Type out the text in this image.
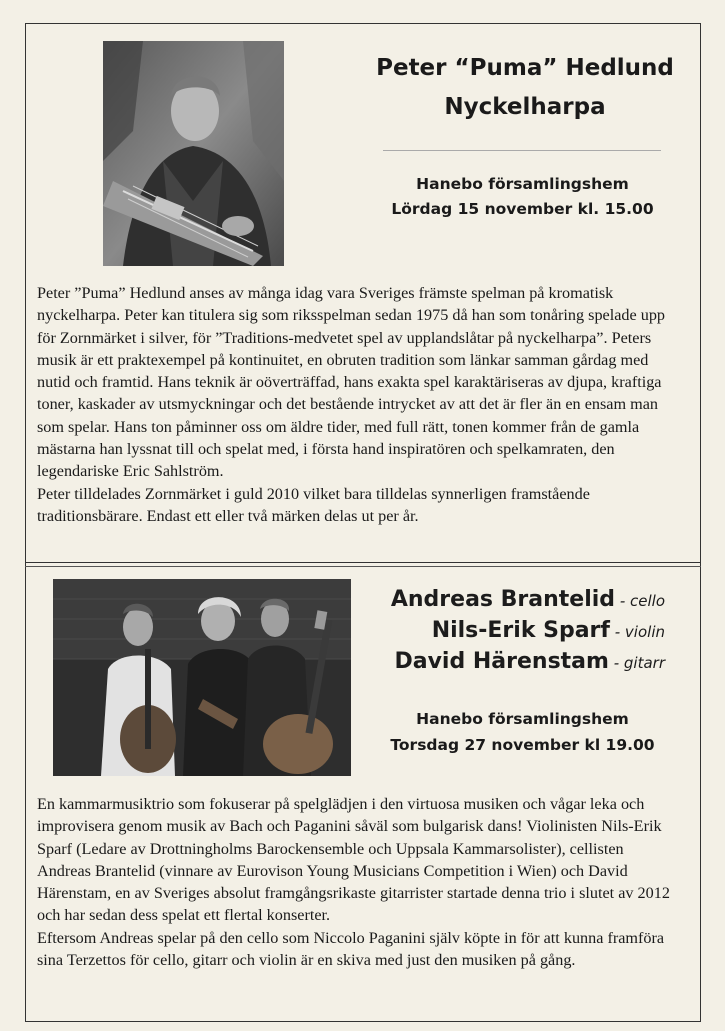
Peter “Puma” Hedlund
Nyckelharpa
Hanebo församlingshem
Lördag 15 november kl. 15.00

Peter ”Puma” Hedlund anses av många idag vara Sveriges främste spelman på kromatisk nyckelharpa. Peter kan titulera sig som riksspelman sedan 1975 då han som tonåring spelade upp för Zornmärket i silver, för ”Traditions-medvetet spel av upplandslåtar på nyckelharpa”. Peters musik är ett praktexempel på kontinuitet, en obruten tradition som länkar samman gårdag med nutid och framtid. Hans teknik är oöverträffad, hans exakta spel karaktäriseras av djupa, kraftiga toner, kaskader av utsmyckningar och det bestående intrycket av att det är fler än en ensam man som spelar. Hans ton påminner oss om äldre tider, med full rätt, tonen kommer från de gamla mästarna han lyssnat till och spelat med, i första hand inspiratören och spelkamraten, den legendariske Eric Sahlström.

Peter tilldelades Zornmärket i guld 2010 vilket bara tilldelas synnerligen framstående traditionsbärare. Endast ett eller två märken delas ut per år.

Andreas Brantelid - cello
Nils-Erik Sparf - violin
David Härenstam - gitarr
Hanebo församlingshem
Torsdag 27 november kl 19.00

En kammarmusiktrio som fokuserar på spelglädjen i den virtuosa musiken och vågar leka och improvisera genom musik av Bach och Paganini såväl som bulgarisk dans! Violinisten Nils-Erik Sparf (Ledare av Drottningholms Barockensemble och Uppsala Kammarsolister), cellisten Andreas Brantelid (vinnare av Eurovison Young Musicians Competition i Wien) och David Härenstam, en av Sveriges absolut framgångsrikaste gitarrister startade denna trio i slutet av 2012 och har sedan dess spelat ett flertal konserter.

Eftersom Andreas spelar på den cello som Niccolo Paganini själv köpte in för att kunna framföra sina Terzettos för cello, gitarr och violin är en skiva med just den musiken på gång.
